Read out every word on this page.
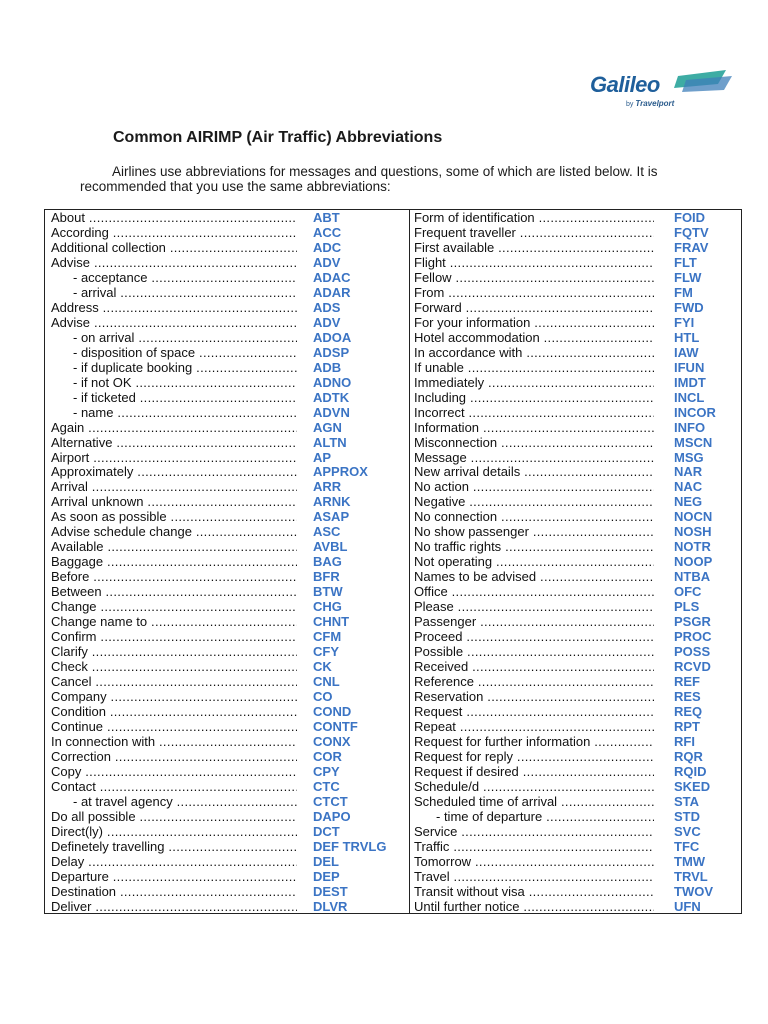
Galileo
by Travelport
Common AIRIMP (Air Traffic) Abbreviations
Airlines use abbreviations for messages and questions, some of which are listed below. It is recommended that you use the same abbreviations:
About .....	ABT
According .....	ACC
Additional collection .....	ADC
Advise .....	ADV
- acceptance .....	ADAC
- arrival .....	ADAR
Address .....	ADS
Advise .....	ADV
- on arrival .....	ADOA
- disposition of space .....	ADSP
- if duplicate booking .....	ADB
- if not OK .....	ADNO
- if ticketed .....	ADTK
- name .....	ADVN
Again .....	AGN
Alternative .....	ALTN
Airport .....	AP
Approximately .....	APPROX
Arrival .....	ARR
Arrival unknown .....	ARNK
As soon as possible .....	ASAP
Advise schedule change .....	ASC
Available .....	AVBL
Baggage .....	BAG
Before .....	BFR
Between .....	BTW
Change .....	CHG
Change name to .....	CHNT
Confirm .....	CFM
Clarify .....	CFY
Check .....	CK
Cancel .....	CNL
Company .....	CO
Condition .....	COND
Continue .....	CONTF
In connection with .....	CONX
Correction .....	COR
Copy .....	CPY
Contact .....	CTC
- at travel agency .....	CTCT
Do all possible .....	DAPO
Direct(ly) .....	DCT
Definetely travelling .....	DEF TRVLG
Delay .....	DEL
Departure .....	DEP
Destination .....	DEST
Deliver .....	DLVR
Form of identification .....	FOID
Frequent traveller .....	FQTV
First available .....	FRAV
Flight .....	FLT
Fellow .....	FLW
From .....	FM
Forward .....	FWD
For your information .....	FYI
Hotel accommodation .....	HTL
In accordance with .....	IAW
If unable .....	IFUN
Immediately .....	IMDT
Including .....	INCL
Incorrect .....	INCOR
Information .....	INFO
Misconnection .....	MSCN
Message .....	MSG
New arrival details .....	NAR
No action .....	NAC
Negative .....	NEG
No connection .....	NOCN
No show passenger .....	NOSH
No traffic rights .....	NOTR
Not operating .....	NOOP
Names to be advised .....	NTBA
Office .....	OFC
Please .....	PLS
Passenger .....	PSGR
Proceed .....	PROC
Possible .....	POSS
Received .....	RCVD
Reference .....	REF
Reservation .....	RES
Request .....	REQ
Repeat .....	RPT
Request for further information .....	RFI
Request for reply .....	RQR
Request if desired .....	RQID
Schedule/d .....	SKED
Scheduled time of arrival .....	STA
- time of departure .....	STD
Service .....	SVC
Traffic .....	TFC
Tomorrow .....	TMW
Travel .....	TRVL
Transit without visa .....	TWOV
Until further notice .....	UFN
